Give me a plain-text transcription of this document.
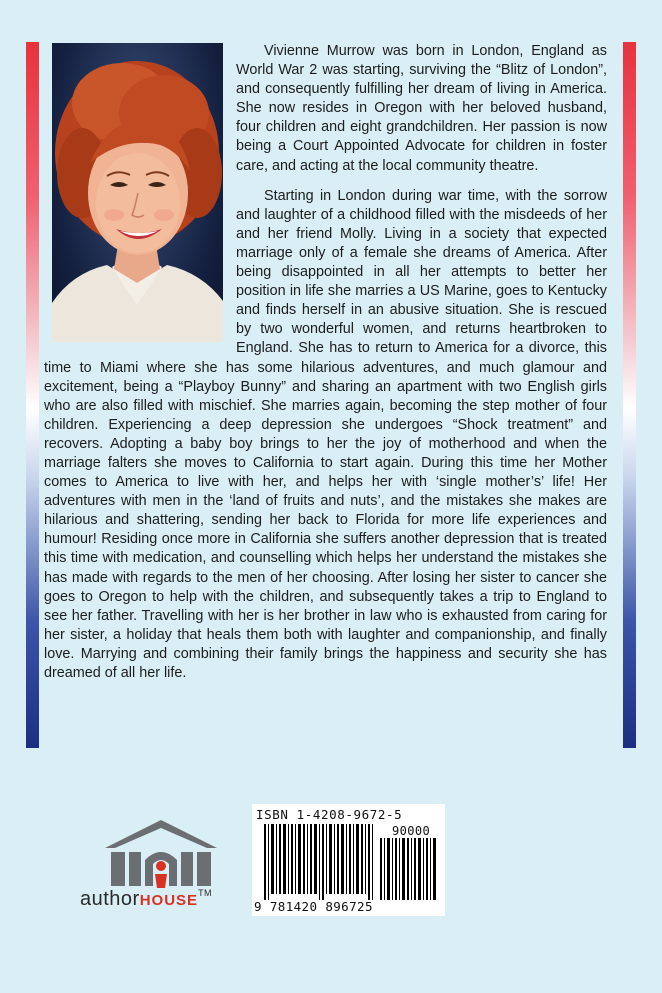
Vivienne Murrow was born in London, England as World War 2 was starting, surviving the “Blitz of London”, and consequently fulfilling her dream of living in America. She now resides in Oregon with her beloved husband, four children and eight grandchildren. Her passion is now being a Court Appointed Advocate for children in foster care, and acting at the local community theatre.

Starting in London during war time, with the sorrow and laughter of a childhood filled with the misdeeds of her and her friend Molly. Living in a society that expected marriage only of a female she dreams of America. After being disappointed in all her attempts to better her position in life she marries a US Marine, goes to Kentucky and finds herself in an abusive situation. She is rescued by two wonderful women, and returns heartbroken to England. She has to return to America for a divorce, this time to Miami where she has some hilarious adventures, and much glamour and excitement, being a “Playboy Bunny” and sharing an apartment with two English girls who are also filled with mischief. She marries again, becoming the step mother of four children. Experiencing a deep depression she undergoes “Shock treatment” and recovers. Adopting a baby boy brings to her the joy of motherhood and when the marriage falters she moves to California to start again. During this time her Mother comes to America to live with her, and helps her with ‘single mother’s’ life! Her adventures with men in the ‘land of fruits and nuts’, and the mistakes she makes are hilarious and shattering, sending her back to Florida for more life experiences and humour! Residing once more in California she suffers another depression that is treated this time with medication, and counselling which helps her understand the mistakes she has made with regards to the men of her choosing. After losing her sister to cancer she goes to Oregon to help with the children, and subsequently takes a trip to England to see her father. Travelling with her is her brother in law who is exhausted from caring for her sister, a holiday that heals them both with laughter and companionship, and finally love. Marrying and combining their family brings the happiness and security she has dreamed of all her life.

authorHOUSE™
ISBN 1-4208-9672-5
90000
9 781420 896725
